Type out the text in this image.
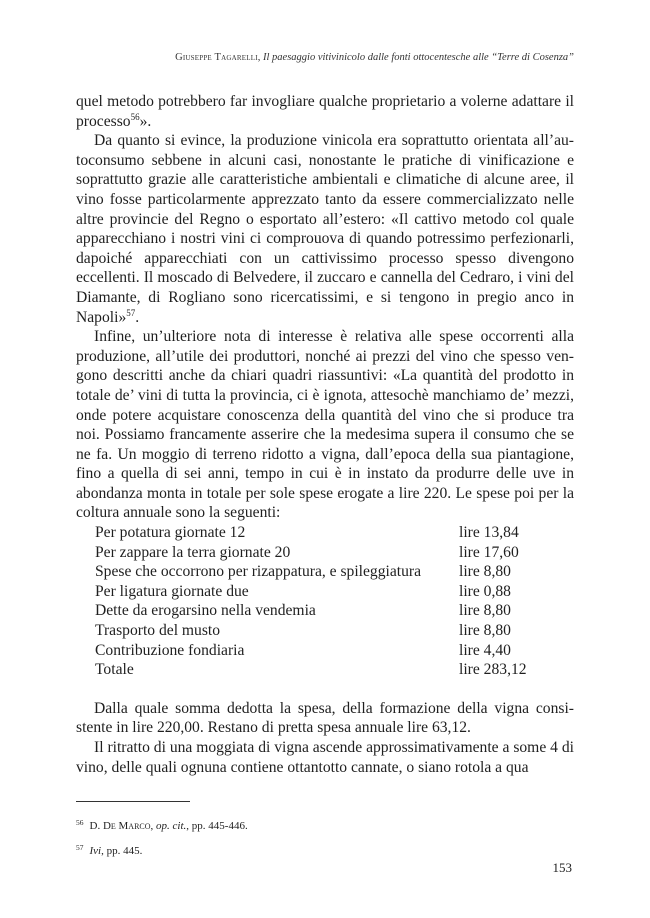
Giuseppe Tagarelli, Il paesaggio vitivinicolo dalle fonti ottocentesche alle “Terre di Cosenza”

quel metodo potrebbero far invogliare qualche proprietario a volerne adattare il processo$^{56}$».

Da quanto si evince, la produzione vinicola era soprattutto orientata all’autoconsumo sebbene in alcuni casi, nonostante le pratiche di vinificazione e soprattutto grazie alle caratteristiche ambientali e climatiche di alcune aree, il vino fosse particolarmente apprezzato tanto da essere commercializzato nelle altre provincie del Regno o esportato all’estero: «Il cattivo metodo col quale apparecchiano i nostri vini ci comprouova di quando potressimo perfezionarli, dapoiché apparecchiati con un cattivissimo processo spesso divengono eccellenti. Il moscado di Belvedere, il zuccaro e cannella del Cedraro, i vini del Diamante, di Rogliano sono ricercatissimi, e si tengono in pregio anco in Napoli»$^{57}$.

Infine, un’ulteriore nota di interesse è relativa alle spese occorrenti alla produzione, all’utile dei produttori, nonché ai prezzi del vino che spesso vengono descritti anche da chiari quadri riassuntivi: «La quantità del prodotto in totale de’ vini di tutta la provincia, ci è ignota, attesochè manchiamo de’ mezzi, onde potere acquistare conoscenza della quantità del vino che si produce tra noi. Possiamo francamente asserire che la medesima supera il consumo che se ne fa. Un moggio di terreno ridotto a vigna, dall’epoca della sua piantagione, fino a quella di sei anni, tempo in cui è in instato da produrre delle uve in abondanza monta in totale per sole spese erogate a lire 220. Le spese poi per la coltura annuale sono la seguenti:

Per potatura giornate 12	lire 13,84
Per zappare la terra giornate 20	lire 17,60
Spese che occorrono per rizappatura, e spileggiatura	lire 8,80
Per ligatura giornate due	lire 0,88
Dette da erogarsino nella vendemia	lire 8,80
Trasporto del musto	lire 8,80
Contribuzione fondiaria	lire 4,40
Totale	lire 283,12

Dalla quale somma dedotta la spesa, della formazione della vigna consistente in lire 220,00. Restano di pretta spesa annuale lire 63,12.

Il ritratto di una moggiata di vigna ascende approssimativamente a some 4 di vino, delle quali ognuna contiene ottantotto cannate, o siano rotola a qua

$^{56}$ D. De Marco, op. cit., pp. 445-446.

$^{57}$ Ivi, pp. 445.

153
